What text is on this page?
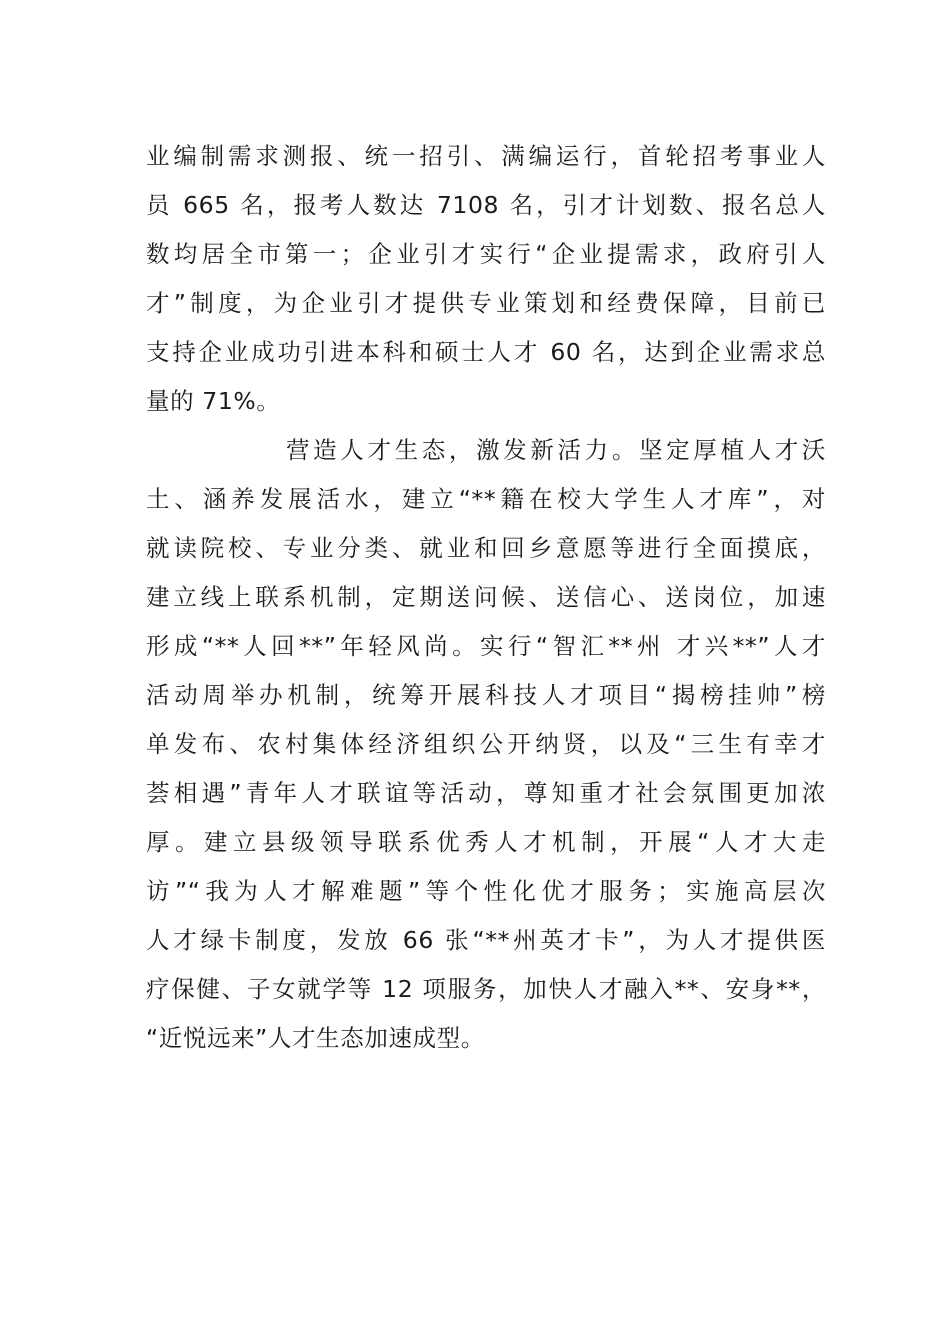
业编制需求测报、统一招引、满编运行，首轮招考事业人
员 665 名，报考人数达 7108 名，引才计划数、报名总人
数均居全市第一；企业引才实行“企业提需求，政府引人
才”制度，为企业引才提供专业策划和经费保障，目前已
支持企业成功引进本科和硕士人才 60 名，达到企业需求总
量的 71%。
营造人才生态，激发新活力。坚定厚植人才沃
土、涵养发展活水，建立“**籍在校大学生人才库”，对
就读院校、专业分类、就业和回乡意愿等进行全面摸底，
建立线上联系机制，定期送问候、送信心、送岗位，加速
形成“**人回**”年轻风尚。实行“智汇**州 才兴**”人才
活动周举办机制，统筹开展科技人才项目“揭榜挂帅”榜
单发布、农村集体经济组织公开纳贤，以及“三生有幸才
荟相遇”青年人才联谊等活动，尊知重才社会氛围更加浓
厚。建立县级领导联系优秀人才机制，开展“人才大走
访”“我为人才解难题”等个性化优才服务；实施高层次
人才绿卡制度，发放 66 张“**州英才卡”，为人才提供医
疗保健、子女就学等 12 项服务，加快人才融入**、安身**，
“近悦远来”人才生态加速成型。
